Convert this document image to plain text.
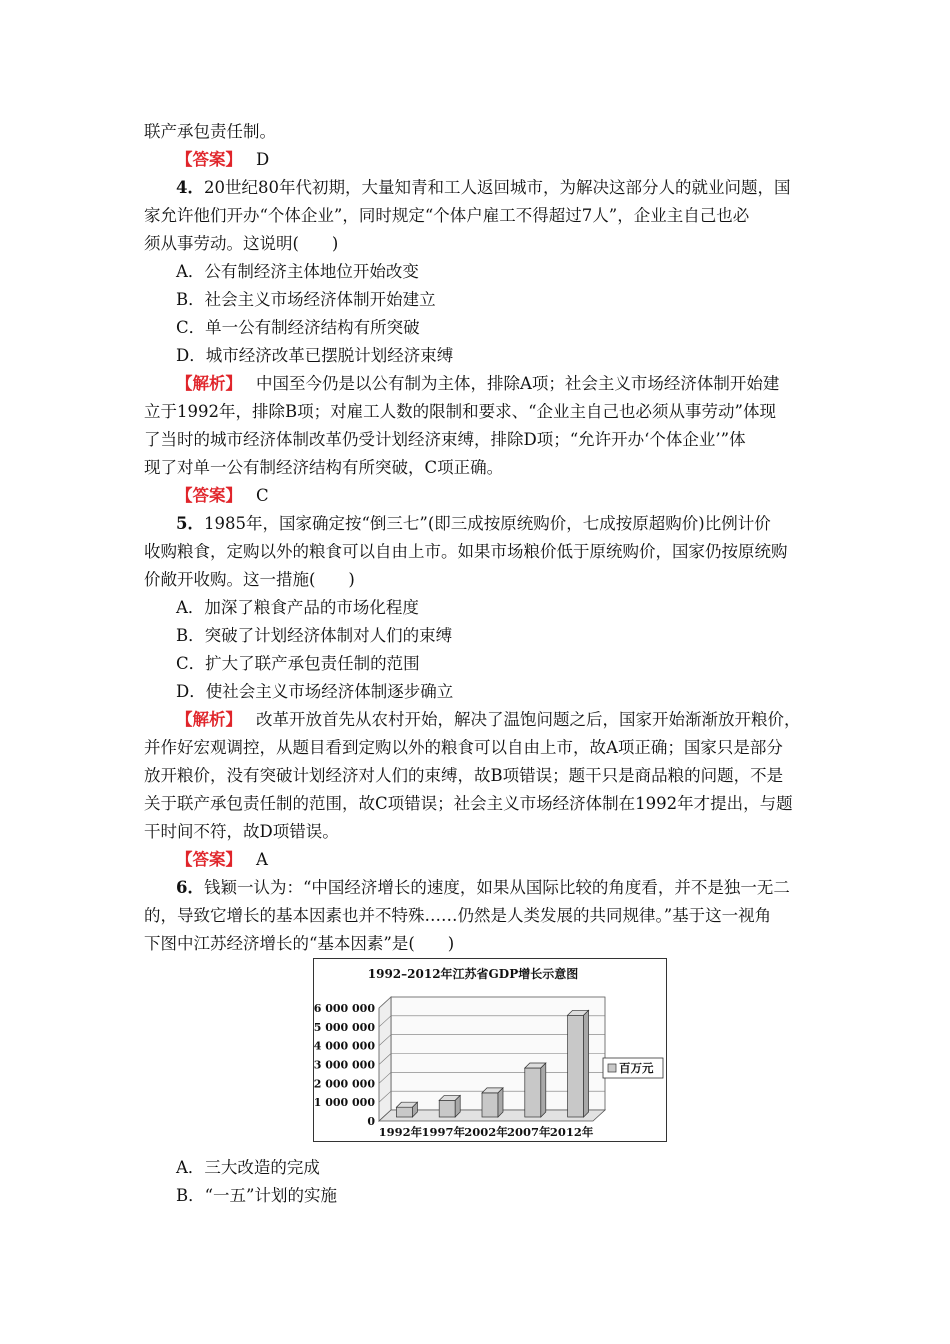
联产承包责任制。
【答案】 D
4．20世纪80年代初期，大量知青和工人返回城市，为解决这部分人的就业问题，国
家允许他们开办“个体企业”，同时规定“个体户雇工不得超过7人”，企业主自己也必
须从事劳动。这说明(　　)
A．公有制经济主体地位开始改变
B．社会主义市场经济体制开始建立
C．单一公有制经济结构有所突破
D．城市经济改革已摆脱计划经济束缚
【解析】 中国至今仍是以公有制为主体，排除A项；社会主义市场经济体制开始建
立于1992年，排除B项；对雇工人数的限制和要求、“企业主自己也必须从事劳动”体现
了当时的城市经济体制改革仍受计划经济束缚，排除D项；“允许开办‘个体企业’”体
现了对单一公有制经济结构有所突破，C项正确。
【答案】 C
5．1985年，国家确定按“倒三七”(即三成按原统购价，七成按原超购价)比例计价
收购粮食，定购以外的粮食可以自由上市。如果市场粮价低于原统购价，国家仍按原统购
价敞开收购。这一措施(　　)
A．加深了粮食产品的市场化程度
B．突破了计划经济体制对人们的束缚
C．扩大了联产承包责任制的范围
D．使社会主义市场经济体制逐步确立
【解析】 改革开放首先从农村开始，解决了温饱问题之后，国家开始渐渐放开粮价，
并作好宏观调控，从题目看到定购以外的粮食可以自由上市，故A项正确；国家只是部分
放开粮价，没有突破计划经济对人们的束缚，故B项错误；题干只是商品粮的问题，不是
关于联产承包责任制的范围，故C项错误；社会主义市场经济体制在1992年才提出，与题
干时间不符，故D项错误。
【答案】 A
6．钱颖一认为：“中国经济增长的速度，如果从国际比较的角度看，并不是独一无二
的，导致它增长的基本因素也并不特殊……仍然是人类发展的共同规律。”基于这一视角
下图中江苏经济增长的“基本因素”是(　　)
1992–2012年江苏省GDP增长示意图
0
1 000 000
2 000 000
3 000 000
4 000 000
5 000 000
6 000 000
1992年 1997年 2002年 2007年 2012年
百万元
A．三大改造的完成
B．“一五”计划的实施
